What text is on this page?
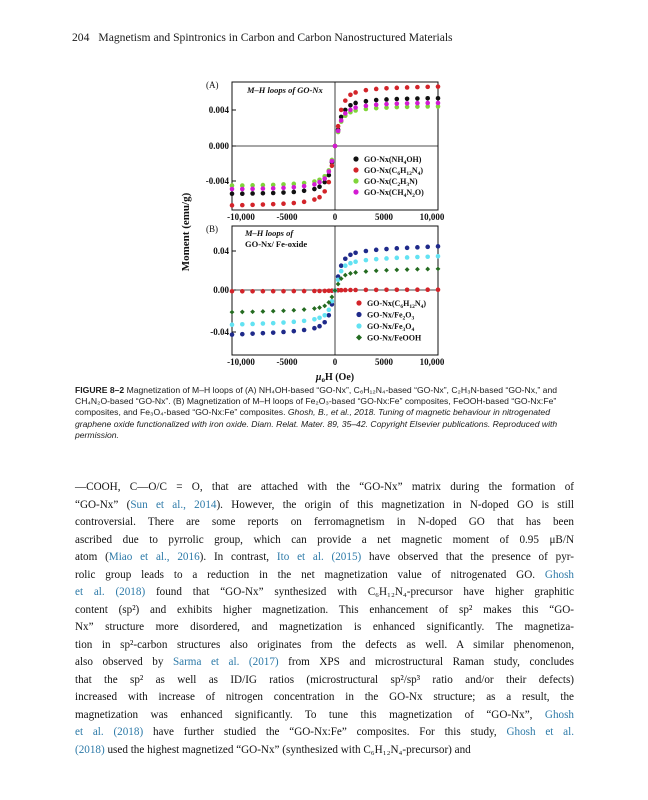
204 Magnetism and Spintronics in Carbon and Carbon Nanostructured Materials
Moment (emu/g)
(A)	M–H loops of GO-Nx
0.004
0.000
-0.004
$GO-Nx(NH_4OH)$
$GO-Nx(C_6H_{12}N_4)$
$GO-Nx(C_2H_3N)$
$GO-Nx(CH_4N_2O)$
-10,000 -5000	0	5000	10,000
(B)	M–H loops of
GO-Nx/ Fe-oxide
0.04
0.00
-0.04
$GO-Nx(C_6H_{12}N_4)$
$GO-Nx/Fe_2O_3$
$GO-Nx/Fe_3O_4$
GO-Nx/FeOOH
-10,000 -5000	0	5000	10,000
$\mu_oH$ (Oe)
FIGURE 8–2 Magnetization of M–H loops of (A) NH₄OH-based “GO-Nx”, C₆H₁₂N₄-based “GO-Nx”, C₂H₃N-based “GO-Nx,” and CH₄N₂O-based “GO-Nx”. (B) Magnetization of M–H loops of Fe₂O₃-based “GO-Nx:Fe” composites, FeOOH-based “GO-Nx:Fe” composites, and Fe₃O₄-based “GO-Nx:Fe” composites. Ghosh, B., et al., 2018. Tuning of magnetic behaviour in nitrogenated graphene oxide functionalized with iron oxide. Diam. Relat. Mater. 89, 35–42. Copyright Elsevier publications. Reproduced with permission.
—COOH, C—O/C = O, that are attached with the “GO-Nx” matrix during the formation of
“GO-Nx” (Sun et al., 2014). However, the origin of this magnetization in N-doped GO is still
controversial. There are some reports on ferromagnetism in N-doped GO that has been
ascribed due to pyrrolic group, which can provide a net magnetic moment of 0.95 μB/N
atom (Miao et al., 2016). In contrast, Ito et al. (2015) have observed that the presence of pyr-
rolic group leads to a reduction in the net magnetization value of nitrogenated GO. Ghosh
et al. (2018) found that “GO-Nx” synthesized with C₆H₁₂N₄-precursor have higher graphitic
content (sp²) and exhibits higher magnetization. This enhancement of sp² makes this “GO-
Nx” structure more disordered, and magnetization is enhanced significantly. The magnetiza-
tion in sp²-carbon structures also originates from the defects as well. A similar phenomenon,
also observed by Sarma et al. (2017) from XPS and microstructural Raman study, concludes
that the sp² as well as ID/IG ratios (microstructural sp²/sp³ ratio and/or their defects)
increased with increase of nitrogen concentration in the GO-Nx structure; as a result, the
magnetization was enhanced significantly. To tune this magnetization of “GO-Nx”, Ghosh
et al. (2018) have further studied the “GO-Nx:Fe” composites. For this study, Ghosh et al.
(2018) used the highest magnetized “GO-Nx” (synthesized with C₆H₁₂N₄-precursor) and
